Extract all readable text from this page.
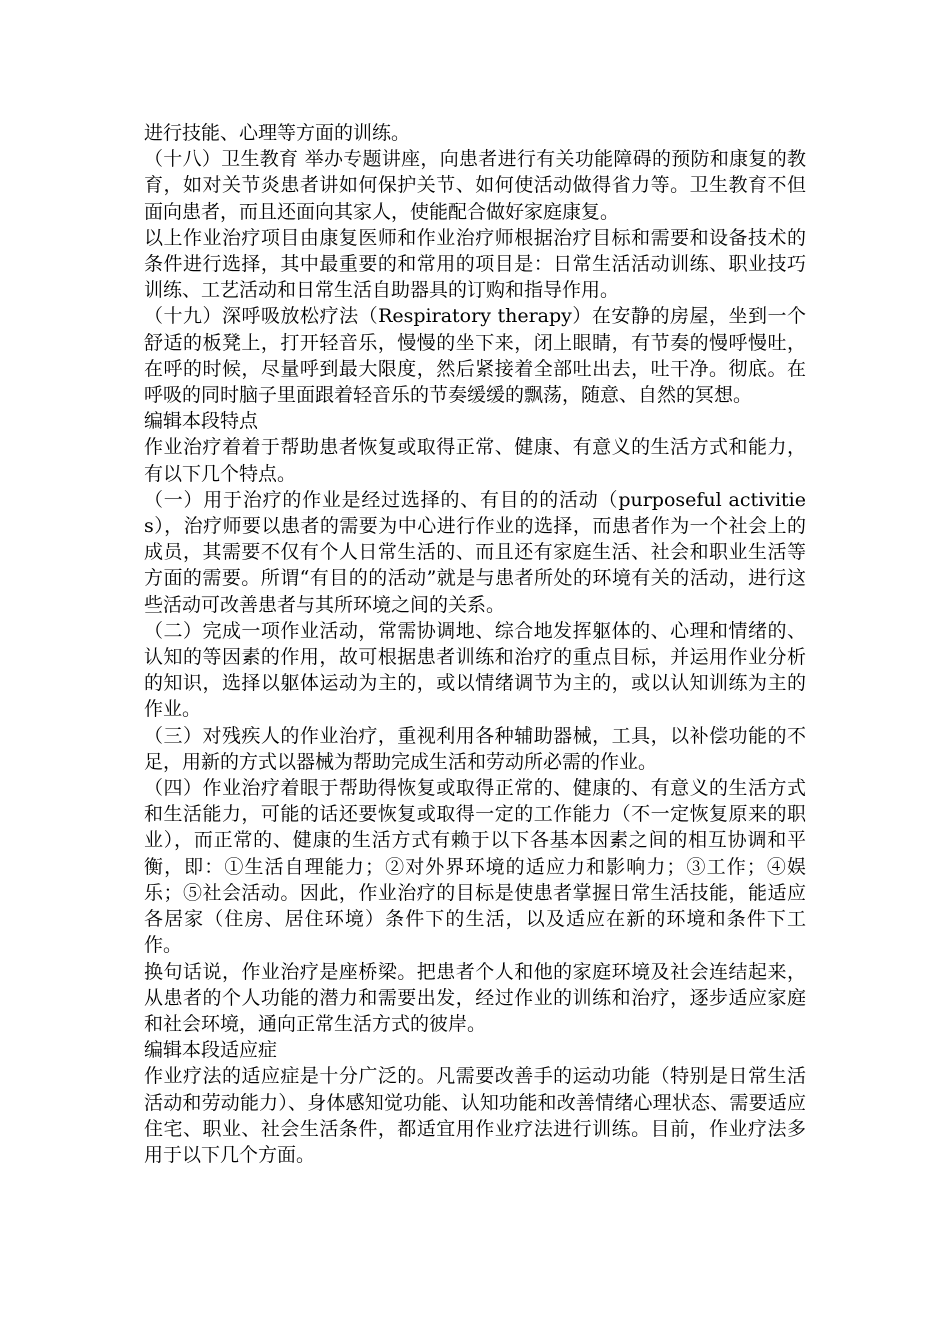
进行技能、心理等方面的训练。

（十八）卫生教育 举办专题讲座，向患者进行有关功能障碍的预防和康复的教育，如对关节炎患者讲如何保护关节、如何使活动做得省力等。卫生教育不但面向患者，而且还面向其家人，使能配合做好家庭康复。

以上作业治疗项目由康复医师和作业治疗师根据治疗目标和需要和设备技术的条件进行选择，其中最重要的和常用的项目是：日常生活活动训练、职业技巧训练、工艺活动和日常生活自助器具的订购和指导作用。

（十九）深呼吸放松疗法（Respiratory therapy）在安静的房屋，坐到一个舒适的板凳上，打开轻音乐，慢慢的坐下来，闭上眼睛，有节奏的慢呼慢吐，在呼的时候，尽量呼到最大限度，然后紧接着全部吐出去，吐干净。彻底。在呼吸的同时脑子里面跟着轻音乐的节奏缓缓的飘荡，随意、自然的冥想。

编辑本段特点

作业治疗着着于帮助患者恢复或取得正常、健康、有意义的生活方式和能力，有以下几个特点。

（一）用于治疗的作业是经过选择的、有目的的活动（purposeful activities），治疗师要以患者的需要为中心进行作业的选择，而患者作为一个社会上的成员，其需要不仅有个人日常生活的、而且还有家庭生活、社会和职业生活等方面的需要。所谓“有目的的活动”就是与患者所处的环境有关的活动，进行这些活动可改善患者与其所环境之间的关系。

（二）完成一项作业活动，常需协调地、综合地发挥躯体的、心理和情绪的、认知的等因素的作用，故可根据患者训练和治疗的重点目标，并运用作业分析的知识，选择以躯体运动为主的，或以情绪调节为主的，或以认知训练为主的作业。

（三）对残疾人的作业治疗，重视利用各种辅助器械，工具，以补偿功能的不足，用新的方式以器械为帮助完成生活和劳动所必需的作业。

（四）作业治疗着眼于帮助得恢复或取得正常的、健康的、有意义的生活方式和生活能力，可能的话还要恢复或取得一定的工作能力（不一定恢复原来的职业），而正常的、健康的生活方式有赖于以下各基本因素之间的相互协调和平衡，即：①生活自理能力；②对外界环境的适应力和影响力；③工作；④娱乐；⑤社会活动。因此，作业治疗的目标是使患者掌握日常生活技能，能适应各居家（住房、居住环境）条件下的生活，以及适应在新的环境和条件下工作。

换句话说，作业治疗是座桥梁。把患者个人和他的家庭环境及社会连结起来，从患者的个人功能的潜力和需要出发，经过作业的训练和治疗，逐步适应家庭和社会环境，通向正常生活方式的彼岸。

编辑本段适应症

作业疗法的适应症是十分广泛的。凡需要改善手的运动功能（特别是日常生活活动和劳动能力）、身体感知觉功能、认知功能和改善情绪心理状态、需要适应住宅、职业、社会生活条件，都适宜用作业疗法进行训练。目前，作业疗法多用于以下几个方面。
